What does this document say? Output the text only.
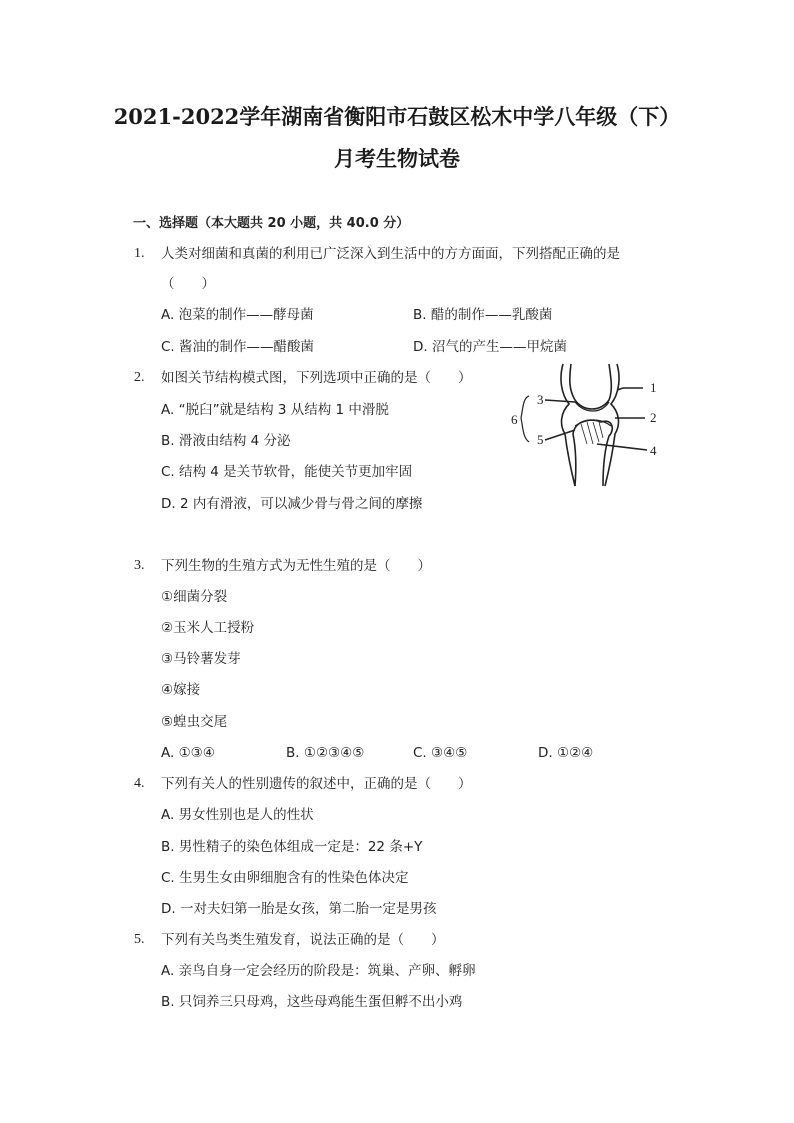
2021-2022学年湖南省衡阳市石鼓区松木中学八年级（下）
月考生物试卷
一、选择题（本大题共 20 小题，共 40.0 分）
1. 人类对细菌和真菌的利用已广泛深入到生活中的方方面面，下列搭配正确的是
（　　）
A. 泡菜的制作——酵母菌	B. 醋的制作——乳酸菌
C. 酱油的制作——醋酸菌	D. 沼气的产生——甲烷菌
2. 如图关节结构模式图，下列选项中正确的是（　　）
A. “脱臼”就是结构 3 从结构 1 中滑脱
B. 滑液由结构 4 分泌
C. 结构 4 是关节软骨，能使关节更加牢固
D. 2 内有滑液，可以减少骨与骨之间的摩擦
3
5
6
1
2
4
3. 下列生物的生殖方式为无性生殖的是（　　）
①细菌分裂
②玉米人工授粉
③马铃薯发芽
④嫁接
⑤蝗虫交尾
A. ①③④	B. ①②③④⑤	C. ③④⑤	D. ①②④
4. 下列有关人的性别遗传的叙述中，正确的是（　　）
A. 男女性别也是人的性状
B. 男性精子的染色体组成一定是：22 条+Y
C. 生男生女由卵细胞含有的性染色体决定
D. 一对夫妇第一胎是女孩，第二胎一定是男孩
5. 下列有关鸟类生殖发育，说法正确的是（　　）
A. 亲鸟自身一定会经历的阶段是：筑巢、产卵、孵卵
B. 只饲养三只母鸡，这些母鸡能生蛋但孵不出小鸡
